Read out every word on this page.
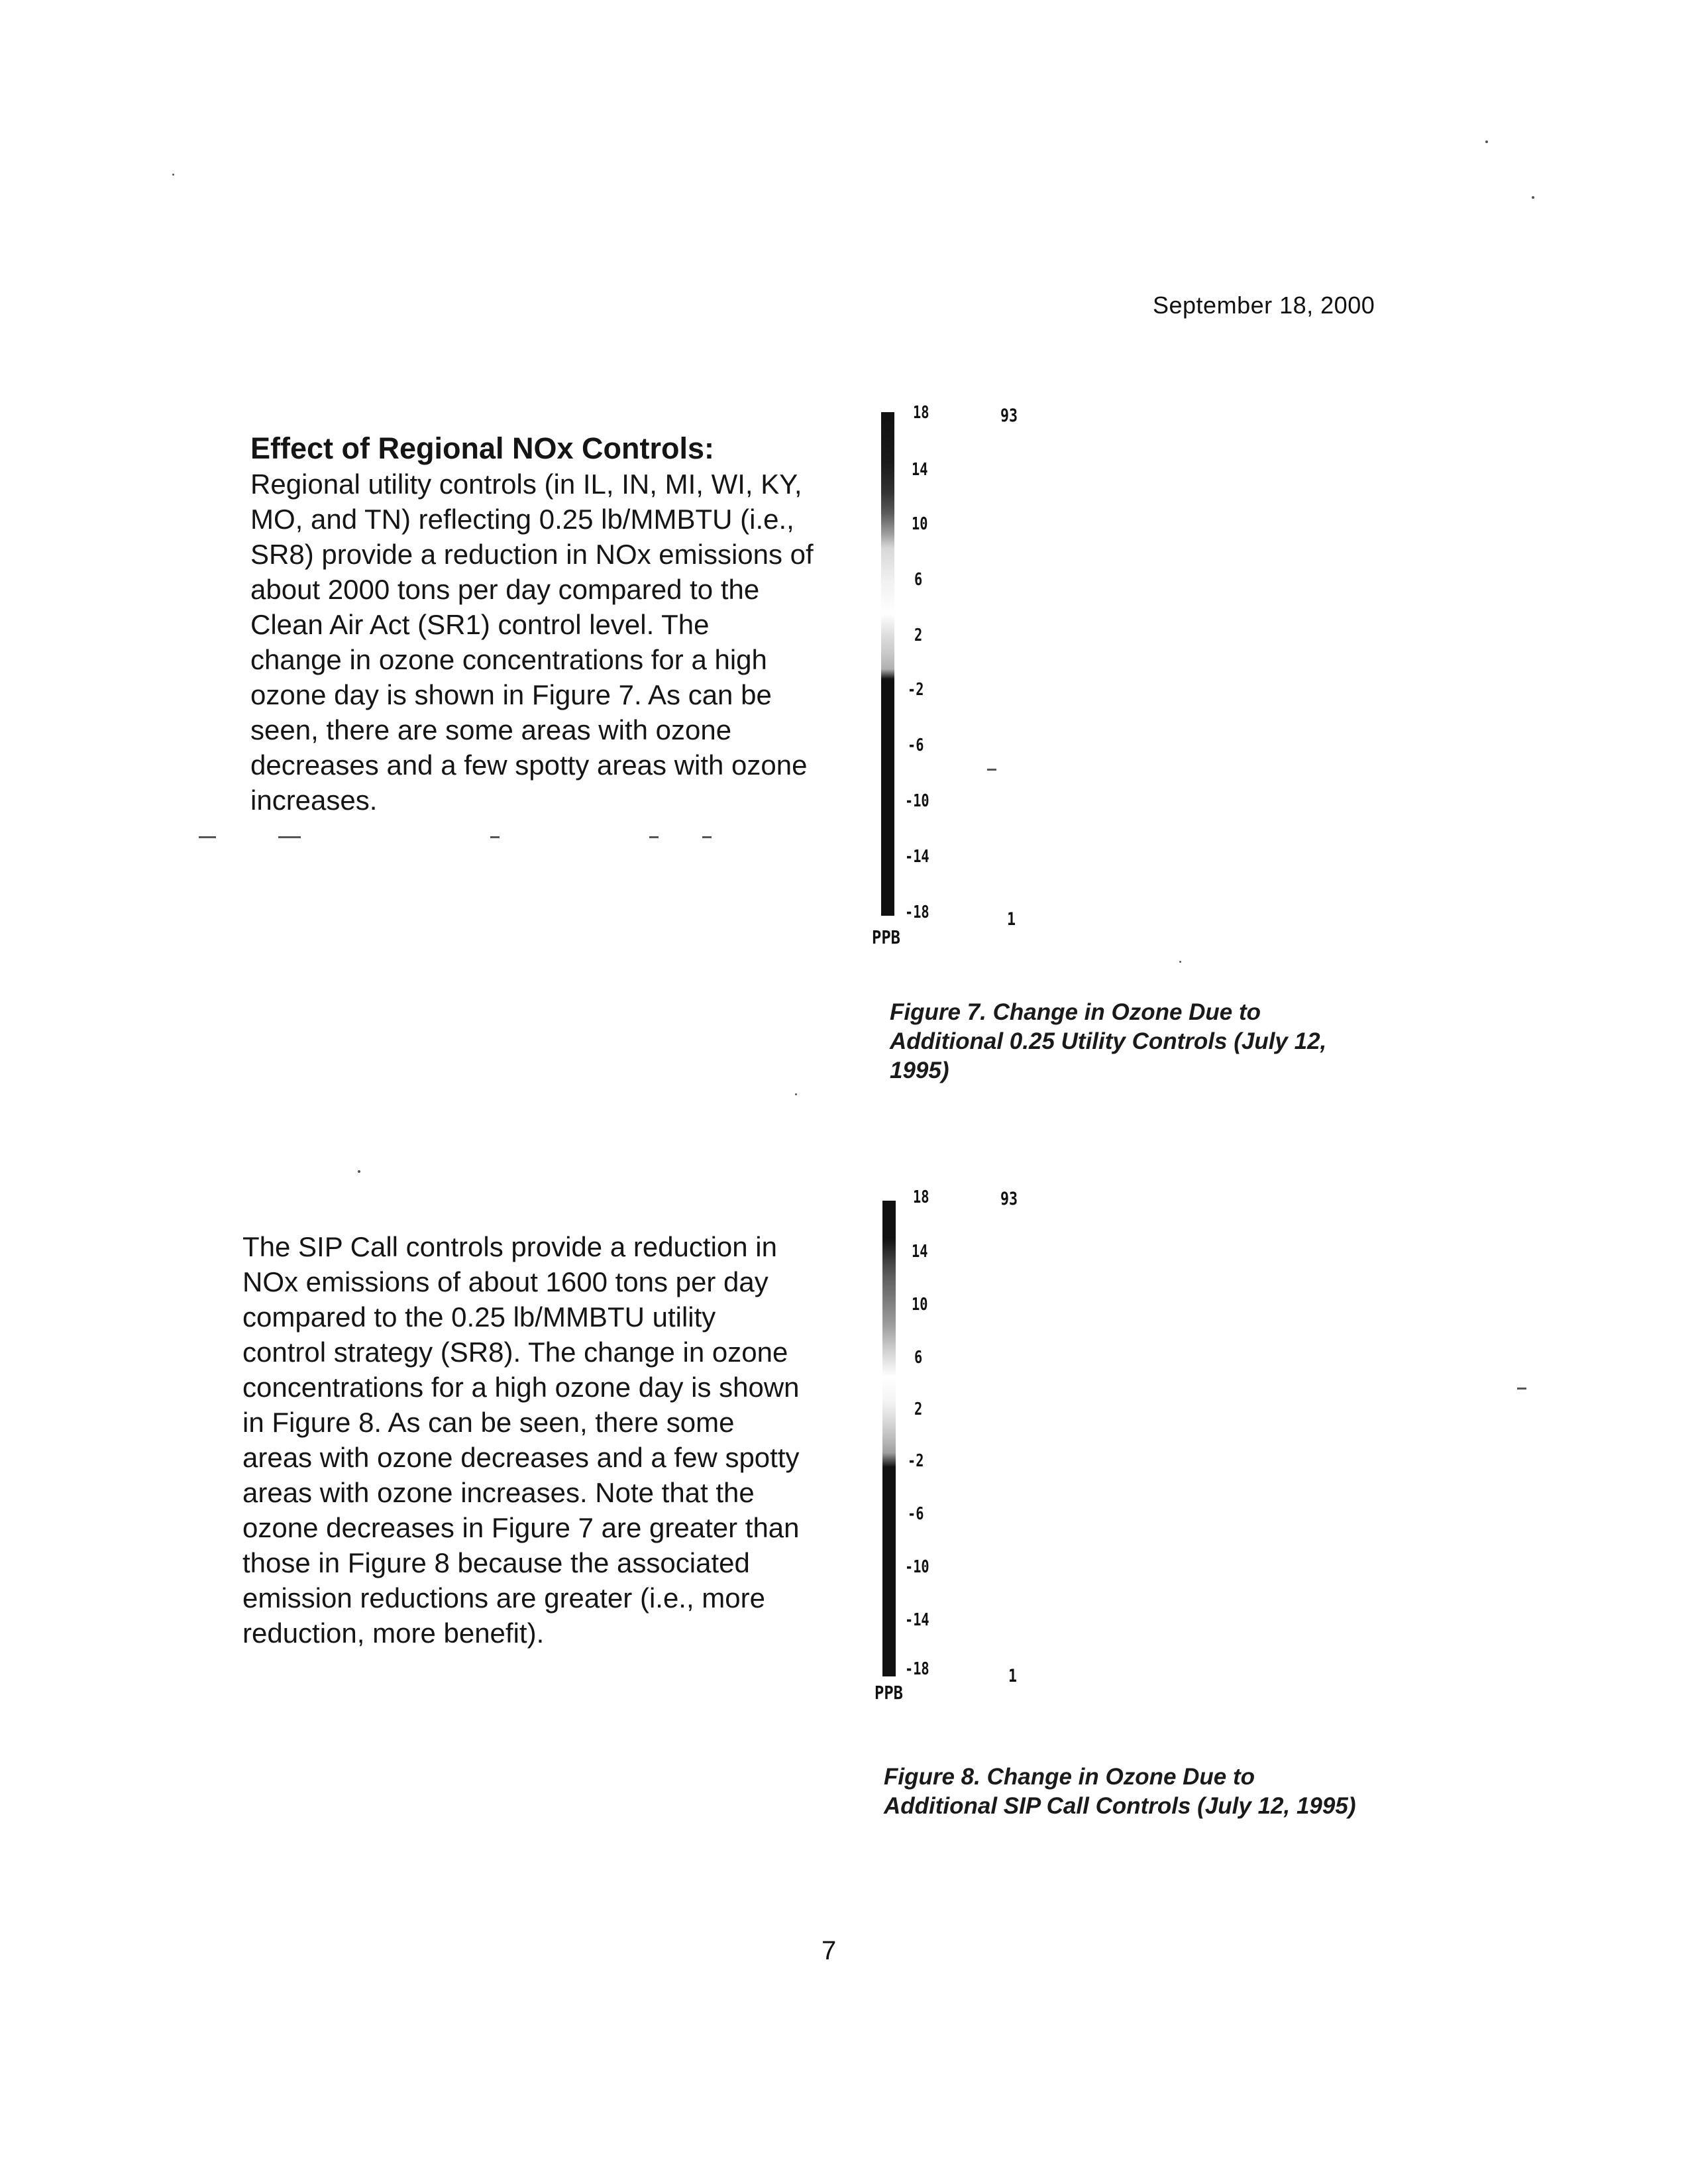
September 18, 2000
Effect of Regional NOx Controls:
Regional utility controls (in IL, IN, MI, WI, KY,
MO, and TN) reflecting 0.25 lb/MMBTU (i.e.,
SR8) provide a reduction in NOx emissions of
about 2000 tons per day compared to the
Clean Air Act (SR1) control level. The
change in ozone concentrations for a high
ozone day is shown in Figure 7. As can be
seen, there are some areas with ozone
decreases and a few spotty areas with ozone
increases.
18
14
10
6
2
-2
-6
-10
-14
-18
PPB
93
1
Figure 7. Change in Ozone Due to
Additional 0.25 Utility Controls (July 12,
1995)
The SIP Call controls provide a reduction in
NOx emissions of about 1600 tons per day
compared to the 0.25 lb/MMBTU utility
control strategy (SR8). The change in ozone
concentrations for a high ozone day is shown
in Figure 8. As can be seen, there some
areas with ozone decreases and a few spotty
areas with ozone increases. Note that the
ozone decreases in Figure 7 are greater than
those in Figure 8 because the associated
emission reductions are greater (i.e., more
reduction, more benefit).
18
14
10
6
2
-2
-6
-10
-14
-18
PPB
93
1
Figure 8. Change in Ozone Due to
Additional SIP Call Controls (July 12, 1995)
7
